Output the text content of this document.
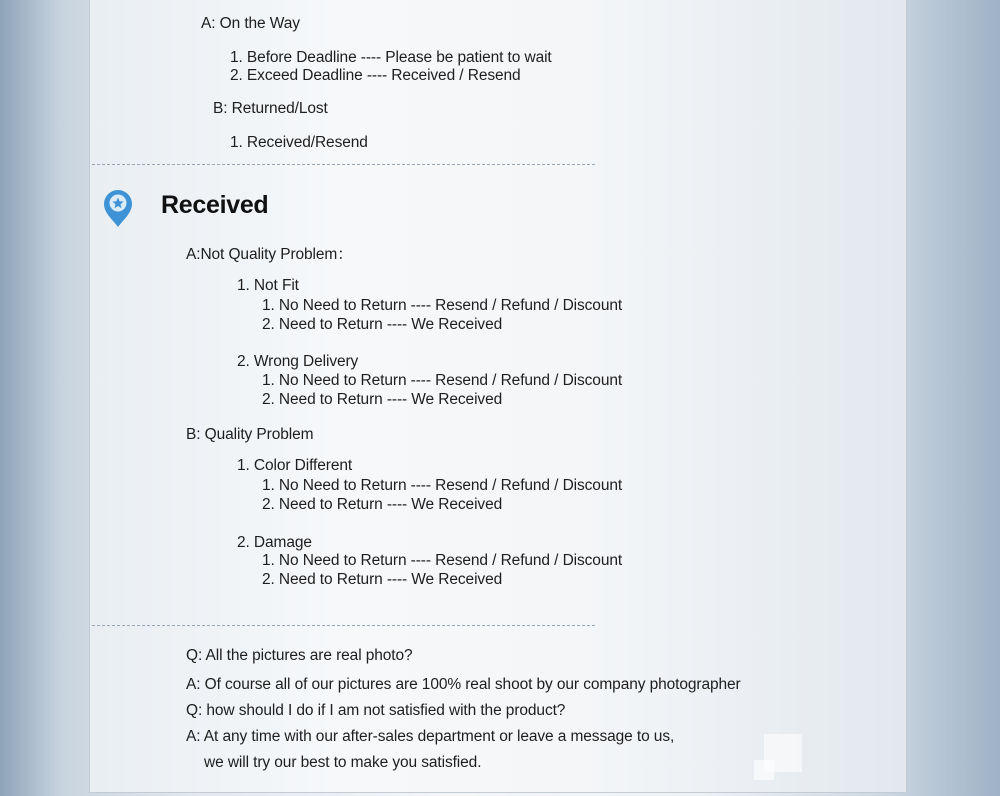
A: On the Way
1. Before Deadline ---- Please be patient to wait
2. Exceed Deadline ---- Received / Resend
B: Returned/Lost
1. Received/Resend
Received
A:Not Quality Problem：
1. Not Fit
1. No Need to Return ---- Resend / Refund / Discount
2. Need to Return ---- We Received
2. Wrong Delivery
1. No Need to Return ---- Resend / Refund / Discount
2. Need to Return ---- We Received
B: Quality Problem
1. Color Different
1. No Need to Return ---- Resend / Refund / Discount
2. Need to Return ---- We Received
2. Damage
1. No Need to Return ---- Resend / Refund / Discount
2. Need to Return ---- We Received
Q: All the pictures are real photo?
A: Of course all of our pictures are 100% real shoot by our company photographer
Q: how should I do if I am not satisfied with the product?
A: At any time with our after-sales department or leave a message to us,
we will try our best to make you satisfied.
